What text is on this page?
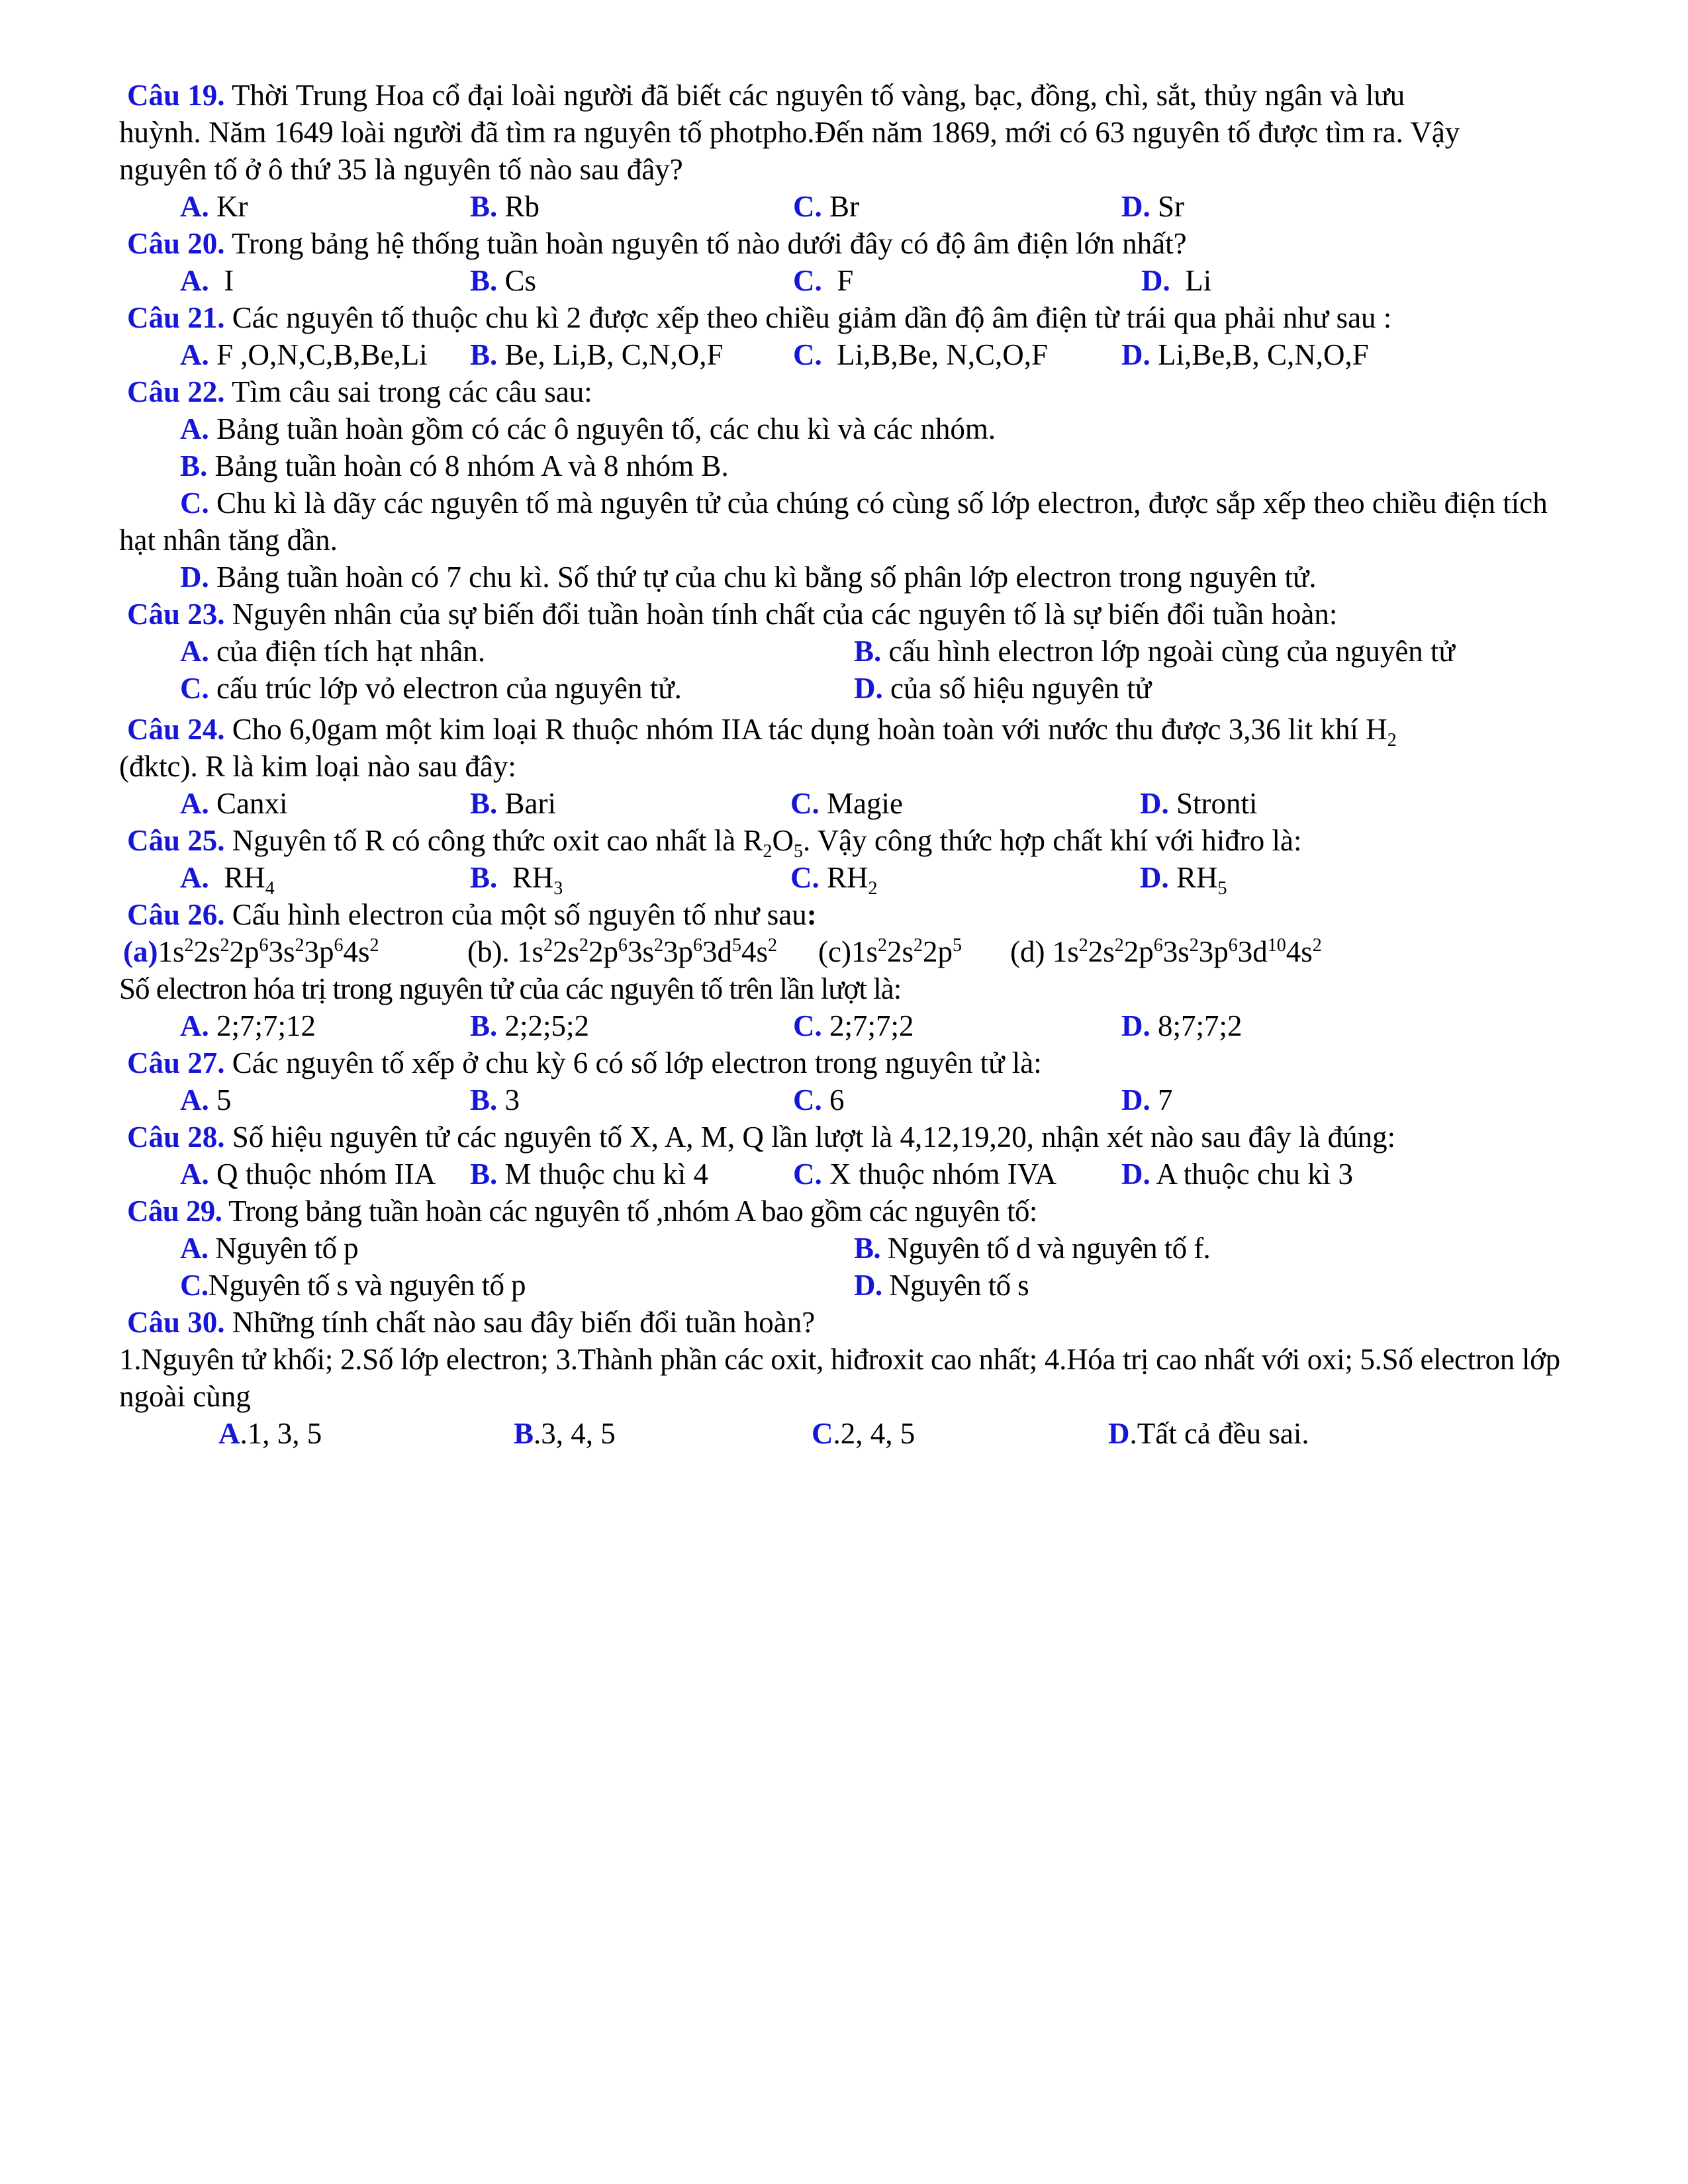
Câu 19. Thời Trung Hoa cổ đại loài người đã biết các nguyên tố vàng, bạc, đồng, chì, sắt, thủy ngân và lưu

huỳnh. Năm 1649 loài người đã tìm ra nguyên tố photpho.Đến năm 1869, mới có 63 nguyên tố được tìm ra. Vậy

nguyên tố ở ô thứ 35 là nguyên tố nào sau đây?

A. Kr	B. Rb	C. Br	D. Sr

Câu 20. Trong bảng hệ thống tuần hoàn nguyên tố nào dưới đây có độ âm điện lớn nhất?

A.  I	B. Cs	C.  F	D.  Li

Câu 21. Các nguyên tố thuộc chu kì 2 được xếp theo chiều giảm dần độ âm điện từ trái qua phải như sau :

A. F ,O,N,C,B,Be,Li	B. Be, Li,B, C,N,O,F	C.  Li,B,Be, N,C,O,F	D. Li,Be,B, C,N,O,F

Câu 22. Tìm câu sai trong các câu sau:

A. Bảng tuần hoàn gồm có các ô nguyên tố, các chu kì và các nhóm.

B. Bảng tuần hoàn có 8 nhóm A và 8 nhóm B.

C. Chu kì là dãy các nguyên tố mà nguyên tử của chúng có cùng số lớp electron, được sắp xếp theo chiều điện tích

hạt nhân tăng dần.

D. Bảng tuần hoàn có 7 chu kì. Số thứ tự của chu kì bằng số phân lớp electron trong nguyên tử.

Câu 23. Nguyên nhân của sự biến đổi tuần hoàn tính chất của các nguyên tố là sự biến đổi tuần hoàn:

A. của điện tích hạt nhân.	B. cấu hình electron lớp ngoài cùng của nguyên tử
C. cấu trúc lớp vỏ electron của nguyên tử.	D. của số hiệu nguyên tử

Câu 24. Cho 6,0gam một kim loại R thuộc nhóm IIA tác dụng hoàn toàn với nước thu được 3,36 lit khí $H_2$

(đktc). R là kim loại nào sau đây:

A. Canxi	B. Bari	C. Magie	D. Stronti

Câu 25. Nguyên tố R có công thức oxit cao nhất là $R_2O_5$. Vậy công thức hợp chất khí với hiđro là:

A.  $RH_4$	B.  $RH_3$	C. $RH_2$	D. $RH_5$

Câu 26. Cấu hình electron của một số nguyên tố như sau:

$(a)1s^22s^22p^63s^23p^64s^2$	(b). $1s^22s^22p^63s^23p^63d^54s^2$	$(c)1s^22s^22p^5$	(d) $1s^22s^22p^63s^23p^63d^{10}4s^2$

Số electron hóa trị trong nguyên tử của các nguyên tố trên lần lượt là:

A. 2;7;7;12	B. 2;2;5;2	C. 2;7;7;2	D. 8;7;7;2

Câu 27. Các nguyên tố xếp ở chu kỳ 6 có số lớp electron trong nguyên tử là:

A. 5	B. 3	C. 6	D. 7

Câu 28. Số hiệu nguyên tử các nguyên tố X, A, M, Q lần lượt là 4,12,19,20, nhận xét nào sau đây là đúng:

A. Q thuộc nhóm IIA	B. M thuộc chu kì 4	C. X thuộc nhóm IVA	D. A thuộc chu kì 3

Câu 29. Trong bảng tuần hoàn các nguyên tố ,nhóm A bao gồm các nguyên tố:

A. Nguyên tố p	B. Nguyên tố d và nguyên tố f.
C.Nguyên tố s và nguyên tố p	D. Nguyên tố s

Câu 30. Những tính chất nào sau đây biến đổi tuần hoàn?

1.Nguyên tử khối; 2.Số lớp electron; 3.Thành phần các oxit, hiđroxit cao nhất; 4.Hóa trị cao nhất với oxi; 5.Số electron lớp

ngoài cùng

A.1, 3, 5	B.3, 4, 5	C.2, 4, 5	D.Tất cả đều sai.
